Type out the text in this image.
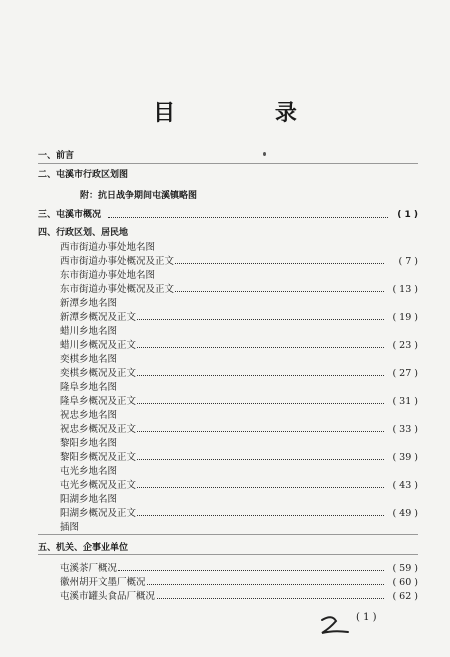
目 录
一、前言
二、屯溪市行政区划图
附：抗日战争期间屯溪镇略图
三、屯溪市概况	( 1 )
四、行政区划、居民地
西市街道办事处地名图
西市街道办事处概况及正文	( 7 )
东市街道办事处地名图
东市街道办事处概况及正文	( 13 )
新潭乡地名图
新潭乡概况及正文	( 19 )
蜡川乡地名图
蜡川乡概况及正文	( 23 )
奕棋乡地名图
奕棋乡概况及正文	( 27 )
隆阜乡地名图
隆阜乡概况及正文	( 31 )
祝忠乡地名图
祝忠乡概况及正文	( 33 )
黎阳乡地名图
黎阳乡概况及正文	( 39 )
屯光乡地名图
屯光乡概况及正文	( 43 )
阳湖乡地名图
阳湖乡概况及正文	( 49 )
插图
五、机关、企事业单位
屯溪茶厂概况	( 59 )
徽州胡开文墨厂概况	( 60 )
屯溪市罐头食品厂概况	( 62 )
( 1 )
